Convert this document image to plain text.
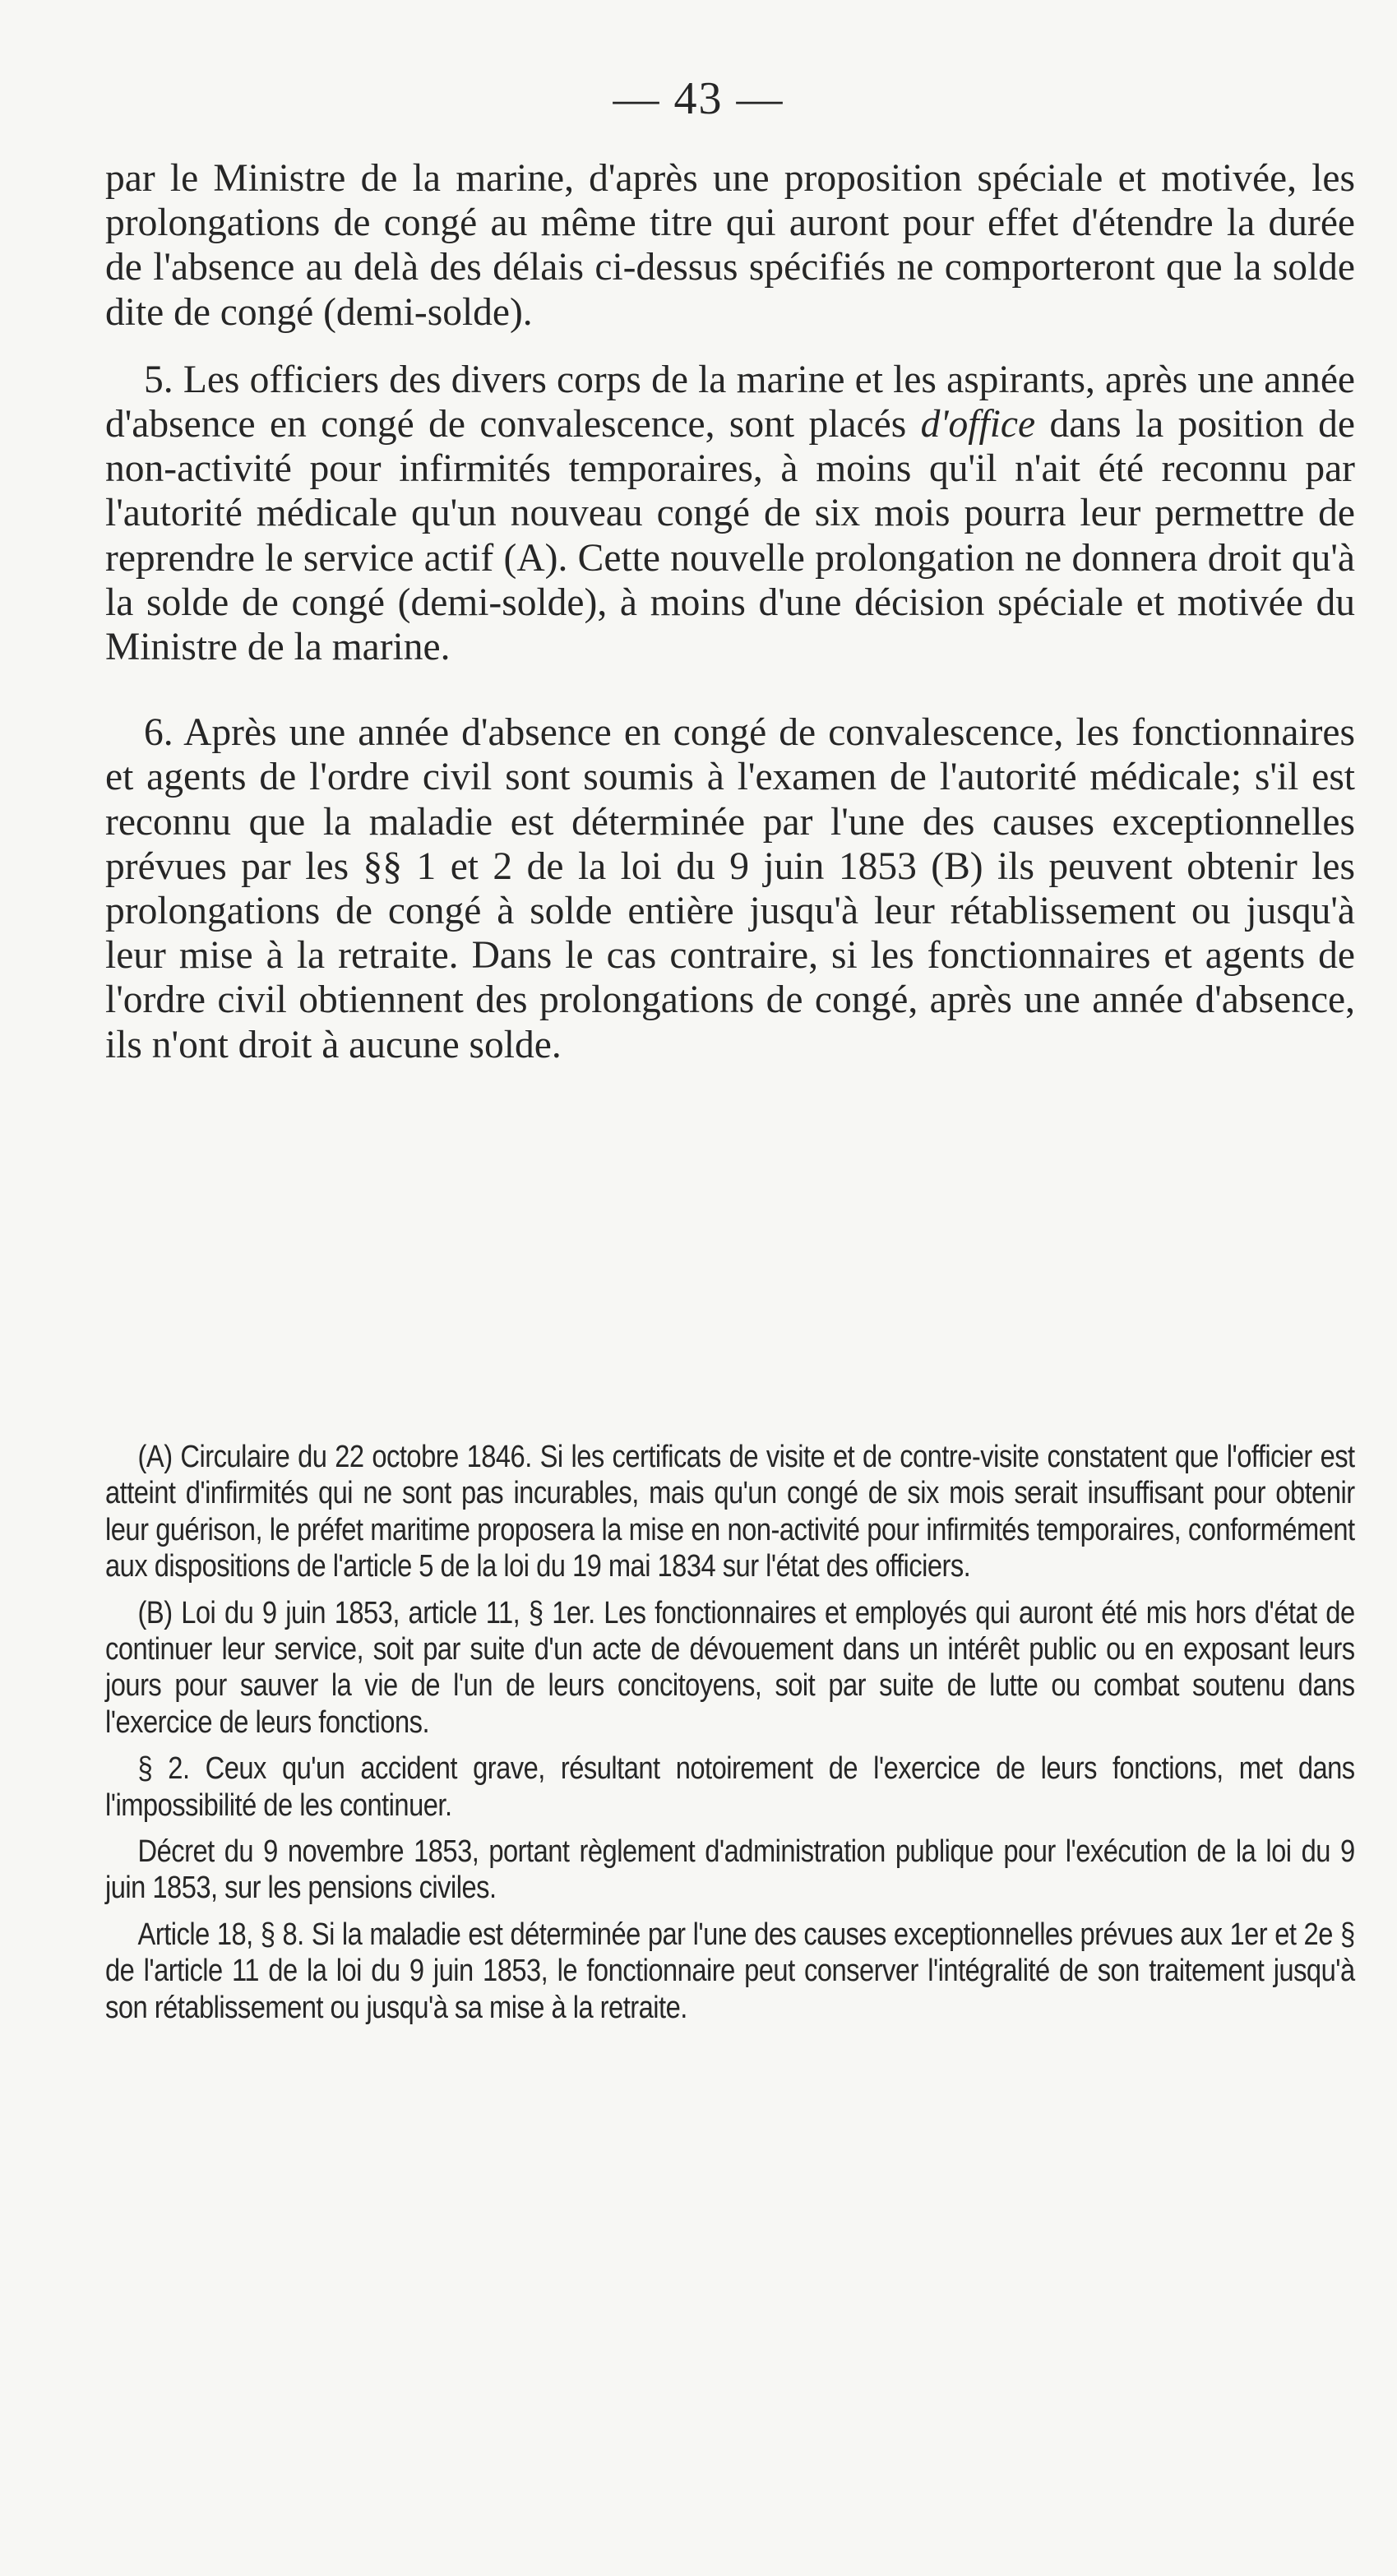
— 43 —

par le Ministre de la marine, d'après une proposition spéciale et motivée, les prolongations de congé au même titre qui auront pour effet d'étendre la durée de l'absence au delà des délais ci-dessus spécifiés ne comporteront que la solde dite de congé (demi-solde).

5. Les officiers des divers corps de la marine et les aspirants, après une année d'absence en congé de convalescence, sont placés d'office dans la position de non-activité pour infirmités temporaires, à moins qu'il n'ait été reconnu par l'autorité médicale qu'un nouveau congé de six mois pourra leur permettre de reprendre le service actif (A). Cette nouvelle prolongation ne donnera droit qu'à la solde de congé (demi-solde), à moins d'une décision spéciale et motivée du Ministre de la marine.

6. Après une année d'absence en congé de convalescence, les fonctionnaires et agents de l'ordre civil sont soumis à l'examen de l'autorité médicale; s'il est reconnu que la maladie est déterminée par l'une des causes exceptionnelles prévues par les §§ 1 et 2 de la loi du 9 juin 1853 (B) ils peuvent obtenir les prolongations de congé à solde entière jusqu'à leur rétablissement ou jusqu'à leur mise à la retraite. Dans le cas contraire, si les fonctionnaires et agents de l'ordre civil obtiennent des prolongations de congé, après une année d'absence, ils n'ont droit à aucune solde.

(A) Circulaire du 22 octobre 1846. Si les certificats de visite et de contre-visite constatent que l'officier est atteint d'infirmités qui ne sont pas incurables, mais qu'un congé de six mois serait insuffisant pour obtenir leur guérison, le préfet maritime proposera la mise en non-activité pour infirmités temporaires, conformément aux dispositions de l'article 5 de la loi du 19 mai 1834 sur l'état des officiers.

(B) Loi du 9 juin 1853, article 11, § 1er. Les fonctionnaires et employés qui auront été mis hors d'état de continuer leur service, soit par suite d'un acte de dévouement dans un intérêt public ou en exposant leurs jours pour sauver la vie de l'un de leurs concitoyens, soit par suite de lutte ou combat soutenu dans l'exercice de leurs fonctions.

§ 2. Ceux qu'un accident grave, résultant notoirement de l'exercice de leurs fonctions, met dans l'impossibilité de les continuer.

Décret du 9 novembre 1853, portant règlement d'administration publique pour l'exécution de la loi du 9 juin 1853, sur les pensions civiles.

Article 18, § 8. Si la maladie est déterminée par l'une des causes exceptionnelles prévues aux 1er et 2e § de l'article 11 de la loi du 9 juin 1853, le fonctionnaire peut conserver l'intégralité de son traitement jusqu'à son rétablissement ou jusqu'à sa mise à la retraite.
